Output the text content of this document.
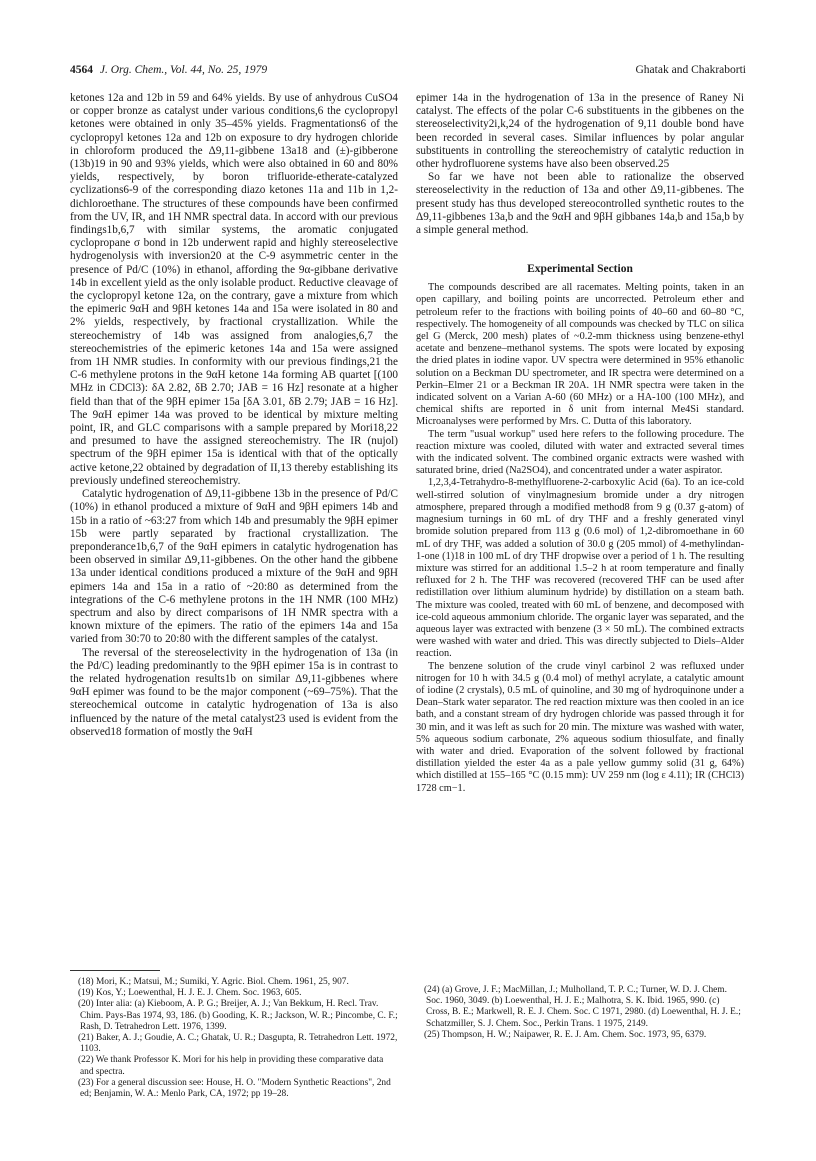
4564 J. Org. Chem., Vol. 44, No. 25, 1979	Ghatak and Chakraborti

ketones 12a and 12b in 59 and 64% yields. By use of anhydrous CuSO4 or copper bronze as catalyst under various conditions,6 the cyclopropyl ketones were obtained in only 35–45% yields. Fragmentations6 of the cyclopropyl ketones 12a and 12b on exposure to dry hydrogen chloride in chloroform produced the Δ9,11-gibbene 13a18 and (±)-gibberone (13b)19 in 90 and 93% yields, which were also obtained in 60 and 80% yields, respectively, by boron trifluoride-etherate-catalyzed cyclizations6-9 of the corresponding diazo ketones 11a and 11b in 1,2-dichloroethane. The structures of these compounds have been confirmed from the UV, IR, and 1H NMR spectral data. In accord with our previous findings1b,6,7 with similar systems, the aromatic conjugated cyclopropane σ bond in 12b underwent rapid and highly stereoselective hydrogenolysis with inversion20 at the C-9 asymmetric center in the presence of Pd/C (10%) in ethanol, affording the 9α-gibbane derivative 14b in excellent yield as the only isolable product. Reductive cleavage of the cyclopropyl ketone 12a, on the contrary, gave a mixture from which the epimeric 9αH and 9βH ketones 14a and 15a were isolated in 80 and 2% yields, respectively, by fractional crystallization. While the stereochemistry of 14b was assigned from analogies,6,7 the stereochemistries of the epimeric ketones 14a and 15a were assigned from 1H NMR studies. In conformity with our previous findings,21 the C-6 methylene protons in the 9αH ketone 14a forming AB quartet [(100 MHz in CDCl3): δA 2.82, δB 2.70; JAB = 16 Hz] resonate at a higher field than that of the 9βH epimer 15a [δA 3.01, δB 2.79; JAB = 16 Hz]. The 9αH epimer 14a was proved to be identical by mixture melting point, IR, and GLC comparisons with a sample prepared by Mori18,22 and presumed to have the assigned stereochemistry. The IR (nujol) spectrum of the 9βH epimer 15a is identical with that of the optically active ketone,22 obtained by degradation of II,13 thereby establishing its previously undefined stereochemistry.

Catalytic hydrogenation of Δ9,11-gibbene 13b in the presence of Pd/C (10%) in ethanol produced a mixture of 9αH and 9βH epimers 14b and 15b in a ratio of ~63:27 from which 14b and presumably the 9βH epimer 15b were partly separated by fractional crystallization. The preponderance1b,6,7 of the 9αH epimers in catalytic hydrogenation has been observed in similar Δ9,11-gibbenes. On the other hand the gibbene 13a under identical conditions produced a mixture of the 9αH and 9βH epimers 14a and 15a in a ratio of ~20:80 as determined from the integrations of the C-6 methylene protons in the 1H NMR (100 MHz) spectrum and also by direct comparisons of 1H NMR spectra with a known mixture of the epimers. The ratio of the epimers 14a and 15a varied from 30:70 to 20:80 with the different samples of the catalyst.

The reversal of the stereoselectivity in the hydrogenation of 13a (in the Pd/C) leading predominantly to the 9βH epimer 15a is in contrast to the related hydrogenation results1b on similar Δ9,11-gibbenes where 9αH epimer was found to be the major component (~69–75%). That the stereochemical outcome in catalytic hydrogenation of 13a is also influenced by the nature of the metal catalyst23 used is evident from the observed18 formation of mostly the 9αH

epimer 14a in the hydrogenation of 13a in the presence of Raney Ni catalyst. The effects of the polar C-6 substituents in the gibbenes on the stereoselectivity2i,k,24 of the hydrogenation of 9,11 double bond have been recorded in several cases. Similar influences by polar angular substituents in controlling the stereochemistry of catalytic reduction in other hydrofluorene systems have also been observed.25

So far we have not been able to rationalize the observed stereoselectivity in the reduction of 13a and other Δ9,11-gibbenes. The present study has thus developed stereocontrolled synthetic routes to the Δ9,11-gibbenes 13a,b and the 9αH and 9βH gibbanes 14a,b and 15a,b by a simple general method.

Experimental Section

The compounds described are all racemates. Melting points, taken in an open capillary, and boiling points are uncorrected. Petroleum ether and petroleum refer to the fractions with boiling points of 40–60 and 60–80 °C, respectively. The homogeneity of all compounds was checked by TLC on silica gel G (Merck, 200 mesh) plates of ~0.2-mm thickness using benzene-ethyl acetate and benzene–methanol systems. The spots were located by exposing the dried plates in iodine vapor. UV spectra were determined in 95% ethanolic solution on a Beckman DU spectrometer, and IR spectra were determined on a Perkin–Elmer 21 or a Beckman IR 20A. 1H NMR spectra were taken in the indicated solvent on a Varian A-60 (60 MHz) or a HA-100 (100 MHz), and chemical shifts are reported in δ unit from internal Me4Si standard. Microanalyses were performed by Mrs. C. Dutta of this laboratory.

The term "usual workup" used here refers to the following procedure. The reaction mixture was cooled, diluted with water and extracted several times with the indicated solvent. The combined organic extracts were washed with saturated brine, dried (Na2SO4), and concentrated under a water aspirator.

1,2,3,4-Tetrahydro-8-methylfluorene-2-carboxylic Acid (6a). To an ice-cold well-stirred solution of vinylmagnesium bromide under a dry nitrogen atmosphere, prepared through a modified method8 from 9 g (0.37 g-atom) of magnesium turnings in 60 mL of dry THF and a freshly generated vinyl bromide solution prepared from 113 g (0.6 mol) of 1,2-dibromoethane in 60 mL of dry THF, was added a solution of 30.0 g (205 mmol) of 4-methylindan-1-one (1)18 in 100 mL of dry THF dropwise over a period of 1 h. The resulting mixture was stirred for an additional 1.5–2 h at room temperature and finally refluxed for 2 h. The THF was recovered (recovered THF can be used after redistillation over lithium aluminum hydride) by distillation on a steam bath. The mixture was cooled, treated with 60 mL of benzene, and decomposed with ice-cold aqueous ammonium chloride. The organic layer was separated, and the aqueous layer was extracted with benzene (3 × 50 mL). The combined extracts were washed with water and dried. This was directly subjected to Diels–Alder reaction.

The benzene solution of the crude vinyl carbinol 2 was refluxed under nitrogen for 10 h with 34.5 g (0.4 mol) of methyl acrylate, a catalytic amount of iodine (2 crystals), 0.5 mL of quinoline, and 30 mg of hydroquinone under a Dean–Stark water separator. The red reaction mixture was then cooled in an ice bath, and a constant stream of dry hydrogen chloride was passed through it for 30 min, and it was left as such for 20 min. The mixture was washed with water, 5% aqueous sodium carbonate, 2% aqueous sodium thiosulfate, and finally with water and dried. Evaporation of the solvent followed by fractional distillation yielded the ester 4a as a pale yellow gummy solid (31 g, 64%) which distilled at 155–165 °C (0.15 mm): UV 259 nm (log ε 4.11); IR (CHCl3) 1728 cm−1.

(18) Mori, K.; Matsui, M.; Sumiki, Y. Agric. Biol. Chem. 1961, 25, 907.

(19) Kos, Y.; Loewenthal, H. J. E. J. Chem. Soc. 1963, 605.

(20) Inter alia: (a) Kieboom, A. P. G.; Breijer, A. J.; Van Bekkum, H. Recl. Trav. Chim. Pays-Bas 1974, 93, 186. (b) Gooding, K. R.; Jackson, W. R.; Pincombe, C. F.; Rash, D. Tetrahedron Lett. 1976, 1399.

(21) Baker, A. J.; Goudie, A. C.; Ghatak, U. R.; Dasgupta, R. Tetrahedron Lett. 1972, 1103.

(22) We thank Professor K. Mori for his help in providing these comparative data and spectra.

(23) For a general discussion see: House, H. O. "Modern Synthetic Reactions", 2nd ed; Benjamin, W. A.: Menlo Park, CA, 1972; pp 19–28.

(24) (a) Grove, J. F.; MacMillan, J.; Mulholland, T. P. C.; Turner, W. D. J. Chem. Soc. 1960, 3049. (b) Loewenthal, H. J. E.; Malhotra, S. K. Ibid. 1965, 990. (c) Cross, B. E.; Markwell, R. E. J. Chem. Soc. C 1971, 2980. (d) Loewenthal, H. J. E.; Schatzmiller, S. J. Chem. Soc., Perkin Trans. 1 1975, 2149.

(25) Thompson, H. W.; Naipawer, R. E. J. Am. Chem. Soc. 1973, 95, 6379.
